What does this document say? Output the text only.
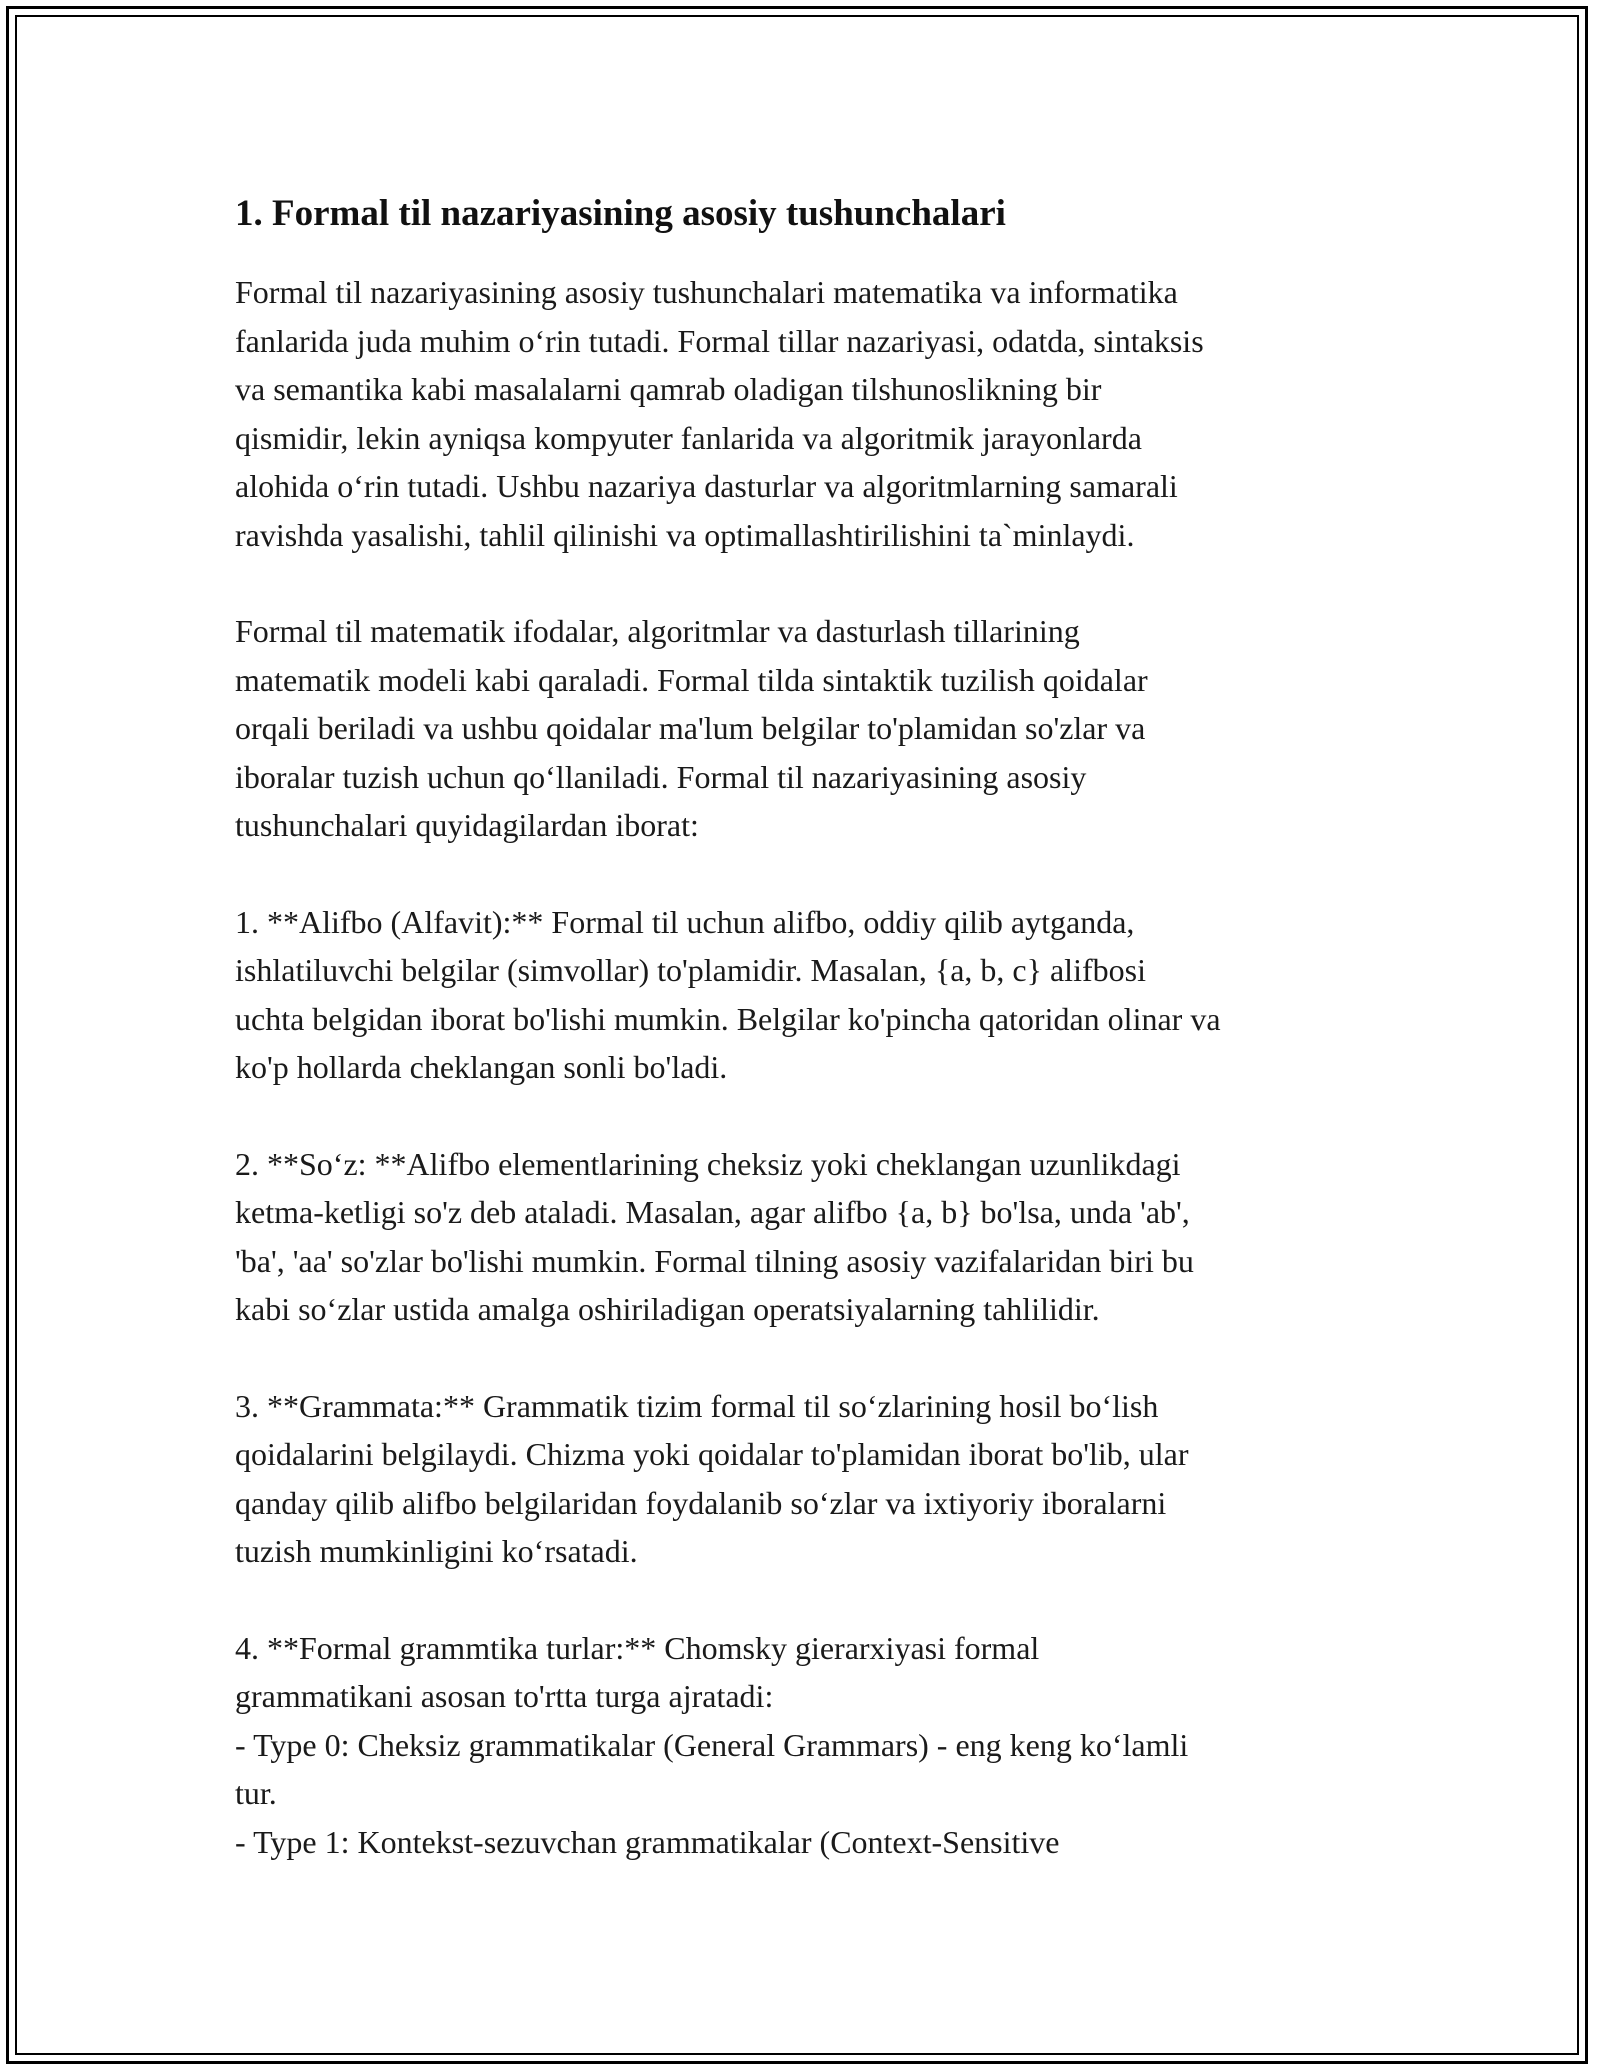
1. Formal til nazariyasining asosiy tushunchalari

Formal til nazariyasining asosiy tushunchalari matematika va informatika
fanlarida juda muhim o‘rin tutadi. Formal tillar nazariyasi, odatda, sintaksis
va semantika kabi masalalarni qamrab oladigan tilshunoslikning bir
qismidir, lekin ayniqsa kompyuter fanlarida va algoritmik jarayonlarda
alohida o‘rin tutadi. Ushbu nazariya dasturlar va algoritmlarning samarali
ravishda yasalishi, tahlil qilinishi va optimallashtirilishini ta`minlaydi.

Formal til matematik ifodalar, algoritmlar va dasturlash tillarining
matematik modeli kabi qaraladi. Formal tilda sintaktik tuzilish qoidalar
orqali beriladi va ushbu qoidalar ma'lum belgilar to'plamidan so'zlar va
iboralar tuzish uchun qo‘llaniladi. Formal til nazariyasining asosiy
tushunchalari quyidagilardan iborat:

1. **Alifbo (Alfavit):** Formal til uchun alifbo, oddiy qilib aytganda,
ishlatiluvchi belgilar (simvollar) to'plamidir. Masalan, {a, b, c} alifbosi
uchta belgidan iborat bo'lishi mumkin. Belgilar ko'pincha qatoridan olinar va
ko'p hollarda cheklangan sonli bo'ladi.

2. **So‘z: **Alifbo elementlarining cheksiz yoki cheklangan uzunlikdagi
ketma-ketligi so'z deb ataladi. Masalan, agar alifbo {a, b} bo'lsa, unda 'ab',
'ba', 'aa' so'zlar bo'lishi mumkin. Formal tilning asosiy vazifalaridan biri bu
kabi so‘zlar ustida amalga oshiriladigan operatsiyalarning tahlilidir.

3. **Grammata:** Grammatik tizim formal til so‘zlarining hosil bo‘lish
qoidalarini belgilaydi. Chizma yoki qoidalar to'plamidan iborat bo'lib, ular
qanday qilib alifbo belgilaridan foydalanib so‘zlar va ixtiyoriy iboralarni
tuzish mumkinligini ko‘rsatadi.

4. **Formal grammtika turlar:** Chomsky gierarxiyasi formal
grammatikani asosan to'rtta turga ajratadi:
- Type 0: Cheksiz grammatikalar (General Grammars) - eng keng ko‘lamli
tur.
- Type 1: Kontekst-sezuvchan grammatikalar (Context-Sensitive
